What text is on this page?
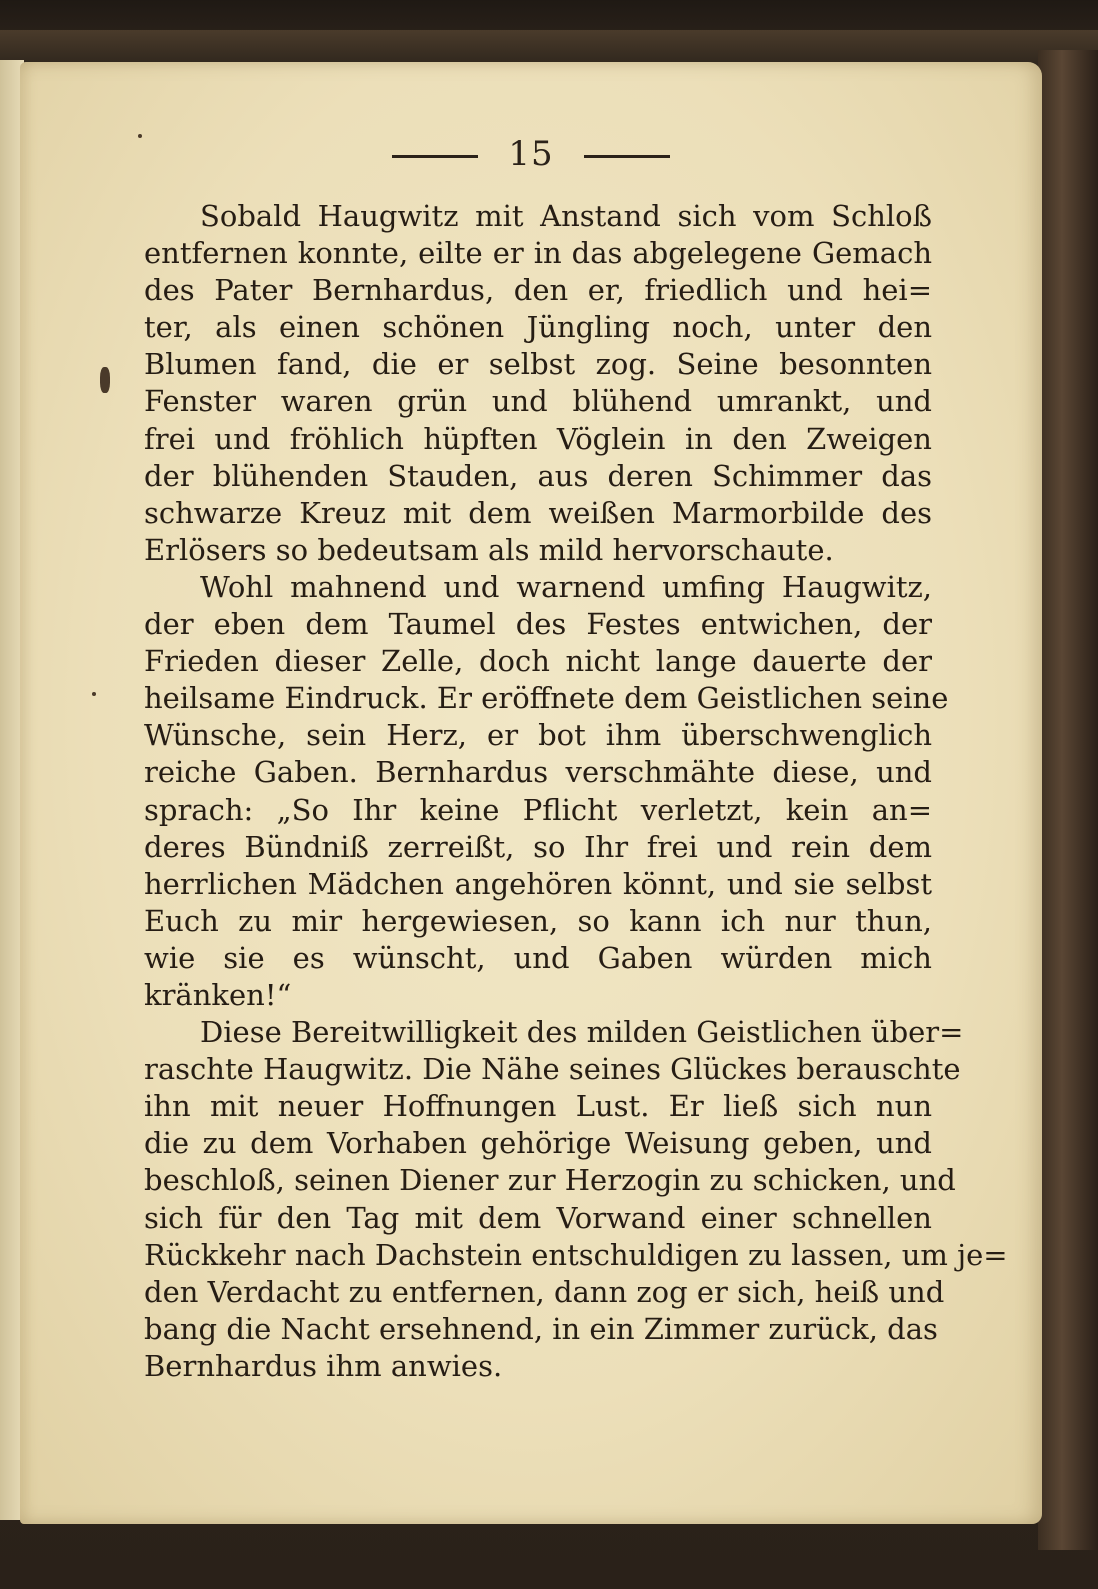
15
Sobald Haugwitz mit Anstand sich vom Schloß
entfernen konnte, eilte er in das abgelegene Gemach
des Pater Bernhardus, den er, friedlich und hei=
ter, als einen schönen Jüngling noch, unter den
Blumen fand, die er selbst zog. Seine besonnten
Fenster waren grün und blühend umrankt, und
frei und fröhlich hüpften Vöglein in den Zweigen
der blühenden Stauden, aus deren Schimmer das
schwarze Kreuz mit dem weißen Marmorbilde des
Erlösers so bedeutsam als mild hervorschaute.
Wohl mahnend und warnend umfing Haugwitz,
der eben dem Taumel des Festes entwichen, der
Frieden dieser Zelle, doch nicht lange dauerte der
heilsame Eindruck. Er eröffnete dem Geistlichen seine
Wünsche, sein Herz, er bot ihm überschwenglich
reiche Gaben. Bernhardus verschmähte diese, und
sprach: „So Ihr keine Pflicht verletzt, kein an=
deres Bündniß zerreißt, so Ihr frei und rein dem
herrlichen Mädchen angehören könnt, und sie selbst
Euch zu mir hergewiesen, so kann ich nur thun,
wie sie es wünscht, und Gaben würden mich
kränken!“
Diese Bereitwilligkeit des milden Geistlichen über=
raschte Haugwitz. Die Nähe seines Glückes berauschte
ihn mit neuer Hoffnungen Lust. Er ließ sich nun
die zu dem Vorhaben gehörige Weisung geben, und
beschloß, seinen Diener zur Herzogin zu schicken, und
sich für den Tag mit dem Vorwand einer schnellen
Rückkehr nach Dachstein entschuldigen zu lassen, um je=
den Verdacht zu entfernen, dann zog er sich, heiß und
bang die Nacht ersehnend, in ein Zimmer zurück, das
Bernhardus ihm anwies.
